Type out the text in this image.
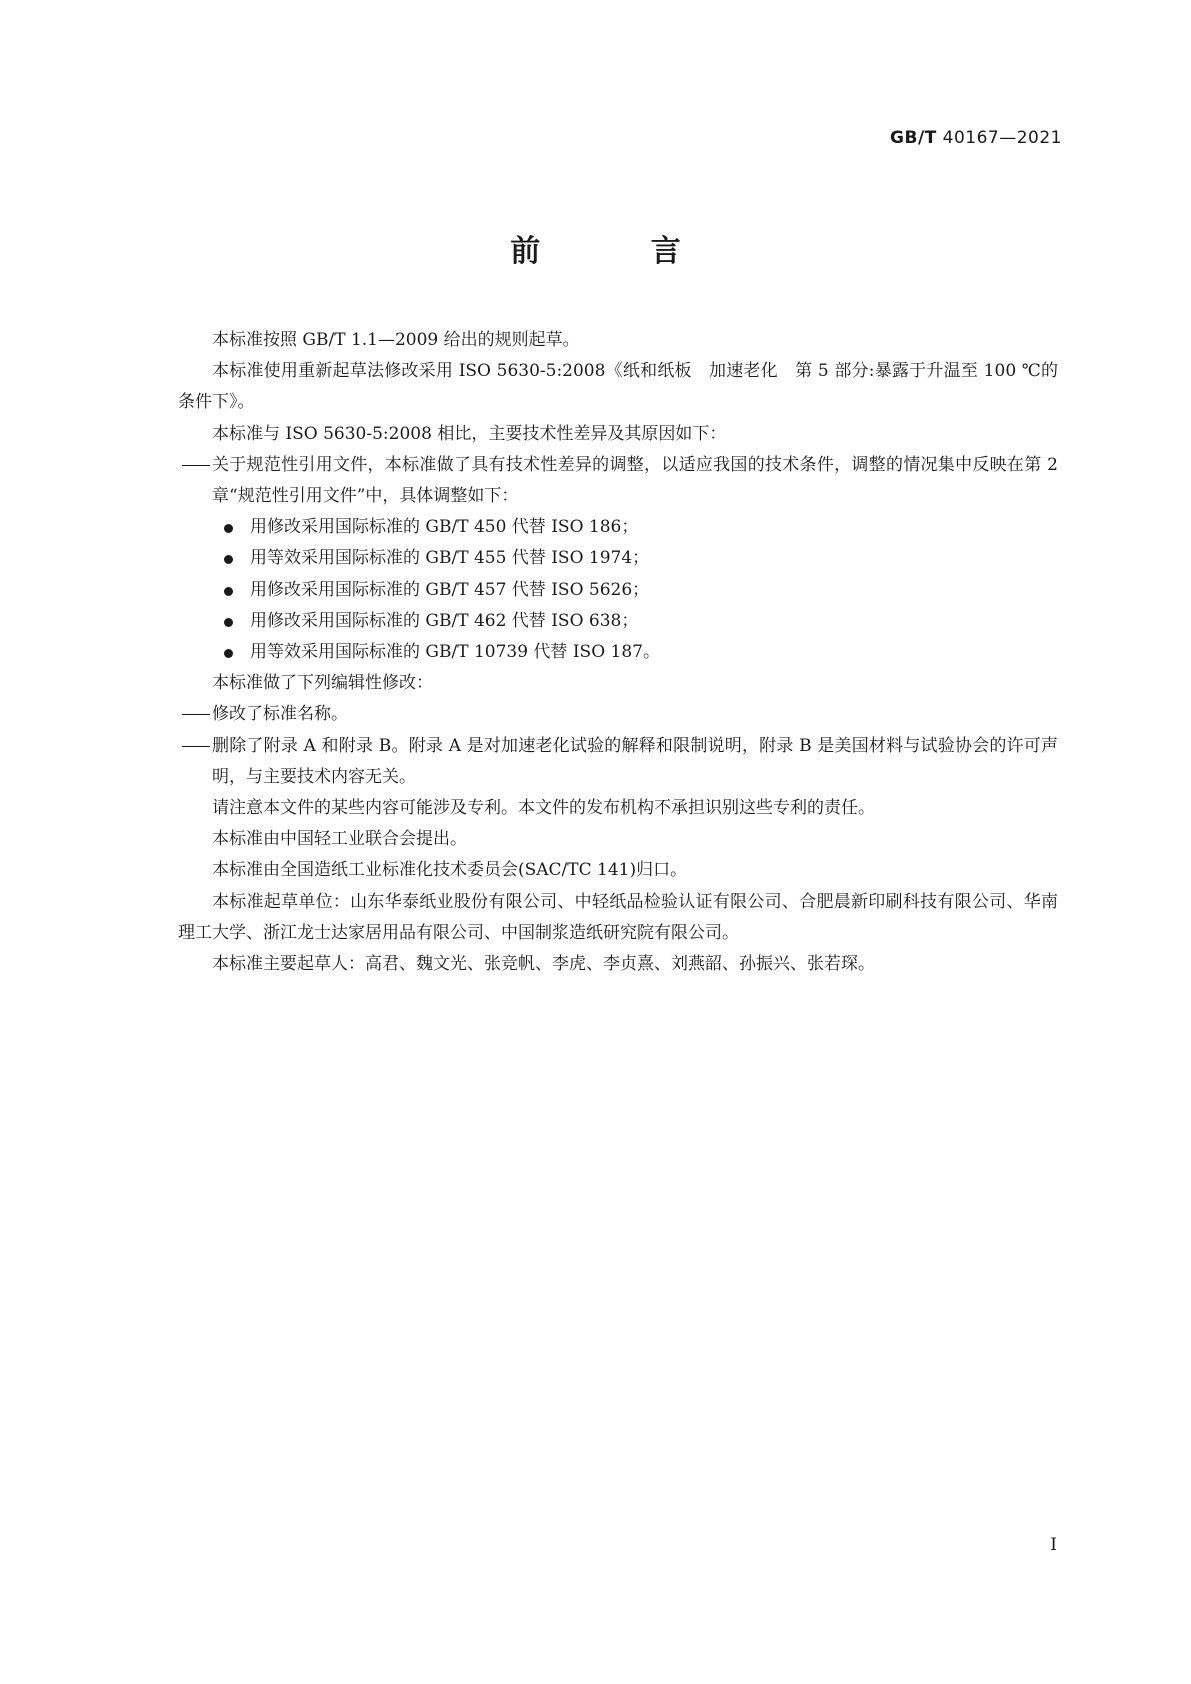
GB/T 40167—2021
前 言

本标准按照 GB/T 1.1—2009 给出的规则起草。

本标准使用重新起草法修改采用 ISO 5630-5:2008《纸和纸板　加速老化　第 5 部分:暴露于升温至 100 ℃的条件下》。

本标准与 ISO 5630-5:2008 相比，主要技术性差异及其原因如下：

关于规范性引用文件，本标准做了具有技术性差异的调整，以适应我国的技术条件，调整的情况集中反映在第 2 章“规范性引用文件”中，具体调整如下：

用修改采用国际标准的 GB/T 450 代替 ISO 186；

用等效采用国际标准的 GB/T 455 代替 ISO 1974；

用修改采用国际标准的 GB/T 457 代替 ISO 5626；

用修改采用国际标准的 GB/T 462 代替 ISO 638；

用等效采用国际标准的 GB/T 10739 代替 ISO 187。

本标准做了下列编辑性修改：

修改了标准名称。

删除了附录 A 和附录 B。附录 A 是对加速老化试验的解释和限制说明，附录 B 是美国材料与试验协会的许可声明，与主要技术内容无关。

请注意本文件的某些内容可能涉及专利。本文件的发布机构不承担识别这些专利的责任。

本标准由中国轻工业联合会提出。

本标准由全国造纸工业标准化技术委员会(SAC/TC 141)归口。

本标准起草单位：山东华泰纸业股份有限公司、中轻纸品检验认证有限公司、合肥晨新印刷科技有限公司、华南理工大学、浙江龙士达家居用品有限公司、中国制浆造纸研究院有限公司。

本标准主要起草人：高君、魏文光、张竞帆、李虎、李贞熹、刘燕韶、孙振兴、张若琛。

I
